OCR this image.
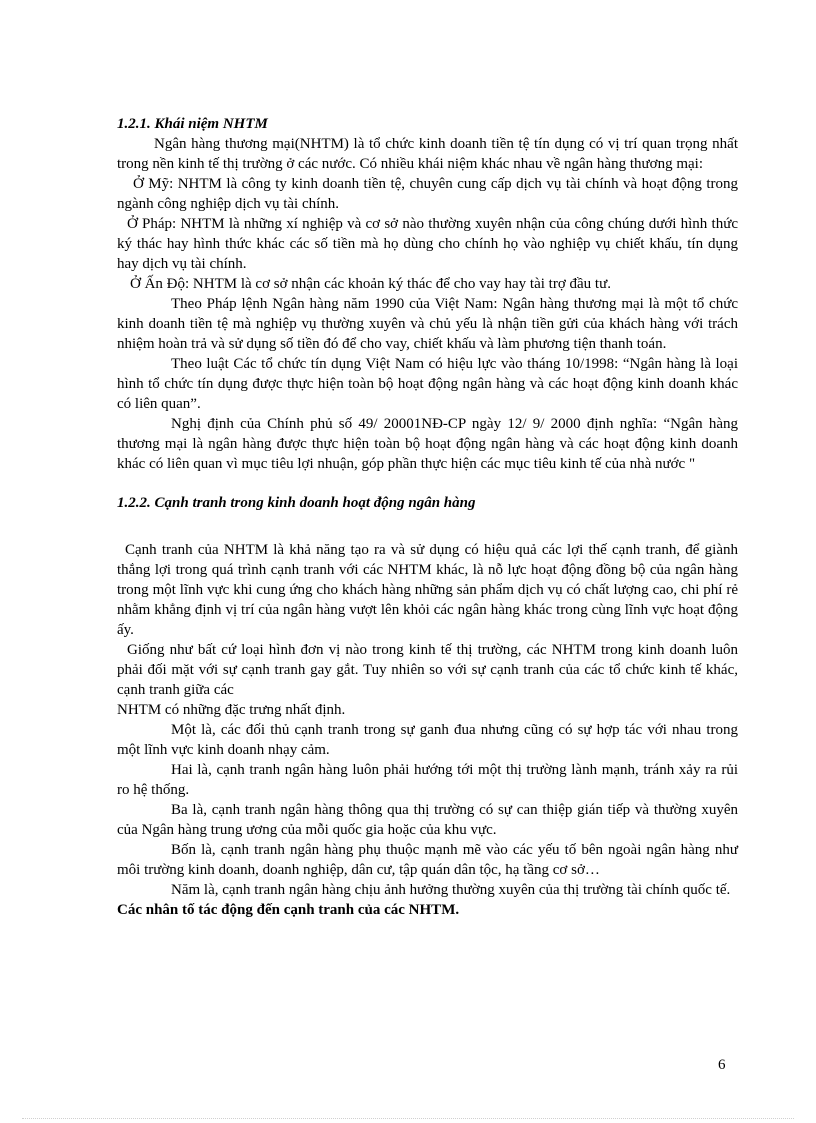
1.2.1. Khái niệm NHTM

Ngân hàng thương mại(NHTM) là tổ chức kinh doanh tiền tệ tín dụng có vị trí quan trọng nhất trong nền kinh tế thị trường ở các nước. Có nhiều khái niệm khác nhau về ngân hàng thương mại:

Ở Mỹ: NHTM là công ty kinh doanh tiền tệ, chuyên cung cấp dịch vụ tài chính và hoạt động trong ngành công nghiệp dịch vụ tài chính.

Ở Pháp: NHTM là những xí nghiệp và cơ sở nào thường xuyên nhận của công chúng dưới hình thức ký thác hay hình thức khác các số tiền mà họ dùng cho chính họ vào nghiệp vụ chiết khấu, tín dụng hay dịch vụ tài chính.

Ở Ấn Độ: NHTM là cơ sở nhận các khoản ký thác để cho vay hay tài trợ đầu tư.

Theo Pháp lệnh Ngân hàng năm 1990 của Việt Nam: Ngân hàng thương mại là một tổ chức kinh doanh tiền tệ mà nghiệp vụ thường xuyên và chủ yếu là nhận tiền gửi của khách hàng với trách nhiệm hoàn trả và sử dụng số tiền đó để cho vay, chiết khấu và làm phương tiện thanh toán.

Theo luật Các tổ chức tín dụng Việt Nam có hiệu lực vào tháng 10/1998: “Ngân hàng là loại hình tổ chức tín dụng được thực hiện toàn bộ hoạt động ngân hàng và các hoạt động kinh doanh khác có liên quan”.

Nghị định của Chính phủ số 49/ 20001NĐ-CP ngày 12/ 9/ 2000 định nghĩa: “Ngân hàng thương mại là ngân hàng được thực hiện toàn bộ hoạt động ngân hàng và các hoạt động kinh doanh khác có liên quan vì mục tiêu lợi nhuận, góp phần thực hiện các mục tiêu kinh tế của nhà nước "

1.2.2. Cạnh tranh trong kinh doanh hoạt động ngân hàng

Cạnh tranh của NHTM là khả năng tạo ra và sử dụng có hiệu quả các lợi thế cạnh tranh, để giành thắng lợi trong quá trình cạnh tranh với các NHTM khác, là nỗ lực hoạt động đồng bộ của ngân hàng trong một lĩnh vực khi cung ứng cho khách hàng những sản phẩm dịch vụ có chất lượng cao, chi phí rẻ nhằm khẳng định vị trí của ngân hàng vượt lên khỏi các ngân hàng khác trong cùng lĩnh vực hoạt động ấy.

Giống như bất cứ loại hình đơn vị nào trong kinh tế thị trường, các NHTM trong kinh doanh luôn phải đối mặt với sự cạnh tranh gay gắt. Tuy nhiên so với sự cạnh tranh của các tổ chức kinh tế khác, cạnh tranh giữa các

NHTM có những đặc trưng nhất định.

Một là, các đối thủ cạnh tranh trong sự ganh đua nhưng cũng có sự hợp tác với nhau trong một lĩnh vực kinh doanh nhạy cảm.

Hai là, cạnh tranh ngân hàng luôn phải hướng tới một thị trường lành mạnh, tránh xảy ra rủi ro hệ thống.

Ba là, cạnh tranh ngân hàng thông qua thị trường có sự can thiệp gián tiếp và thường xuyên của Ngân hàng trung ương của mỗi quốc gia hoặc của khu vực.

Bốn là, cạnh tranh ngân hàng phụ thuộc mạnh mẽ vào các yếu tố bên ngoài ngân hàng như môi trường kinh doanh, doanh nghiệp, dân cư, tập quán dân tộc, hạ tầng cơ sở…

Năm là, cạnh tranh ngân hàng chịu ảnh hưởng thường xuyên của thị trường tài chính quốc tế.

Các nhân tố tác động đến cạnh tranh của các NHTM.

6
